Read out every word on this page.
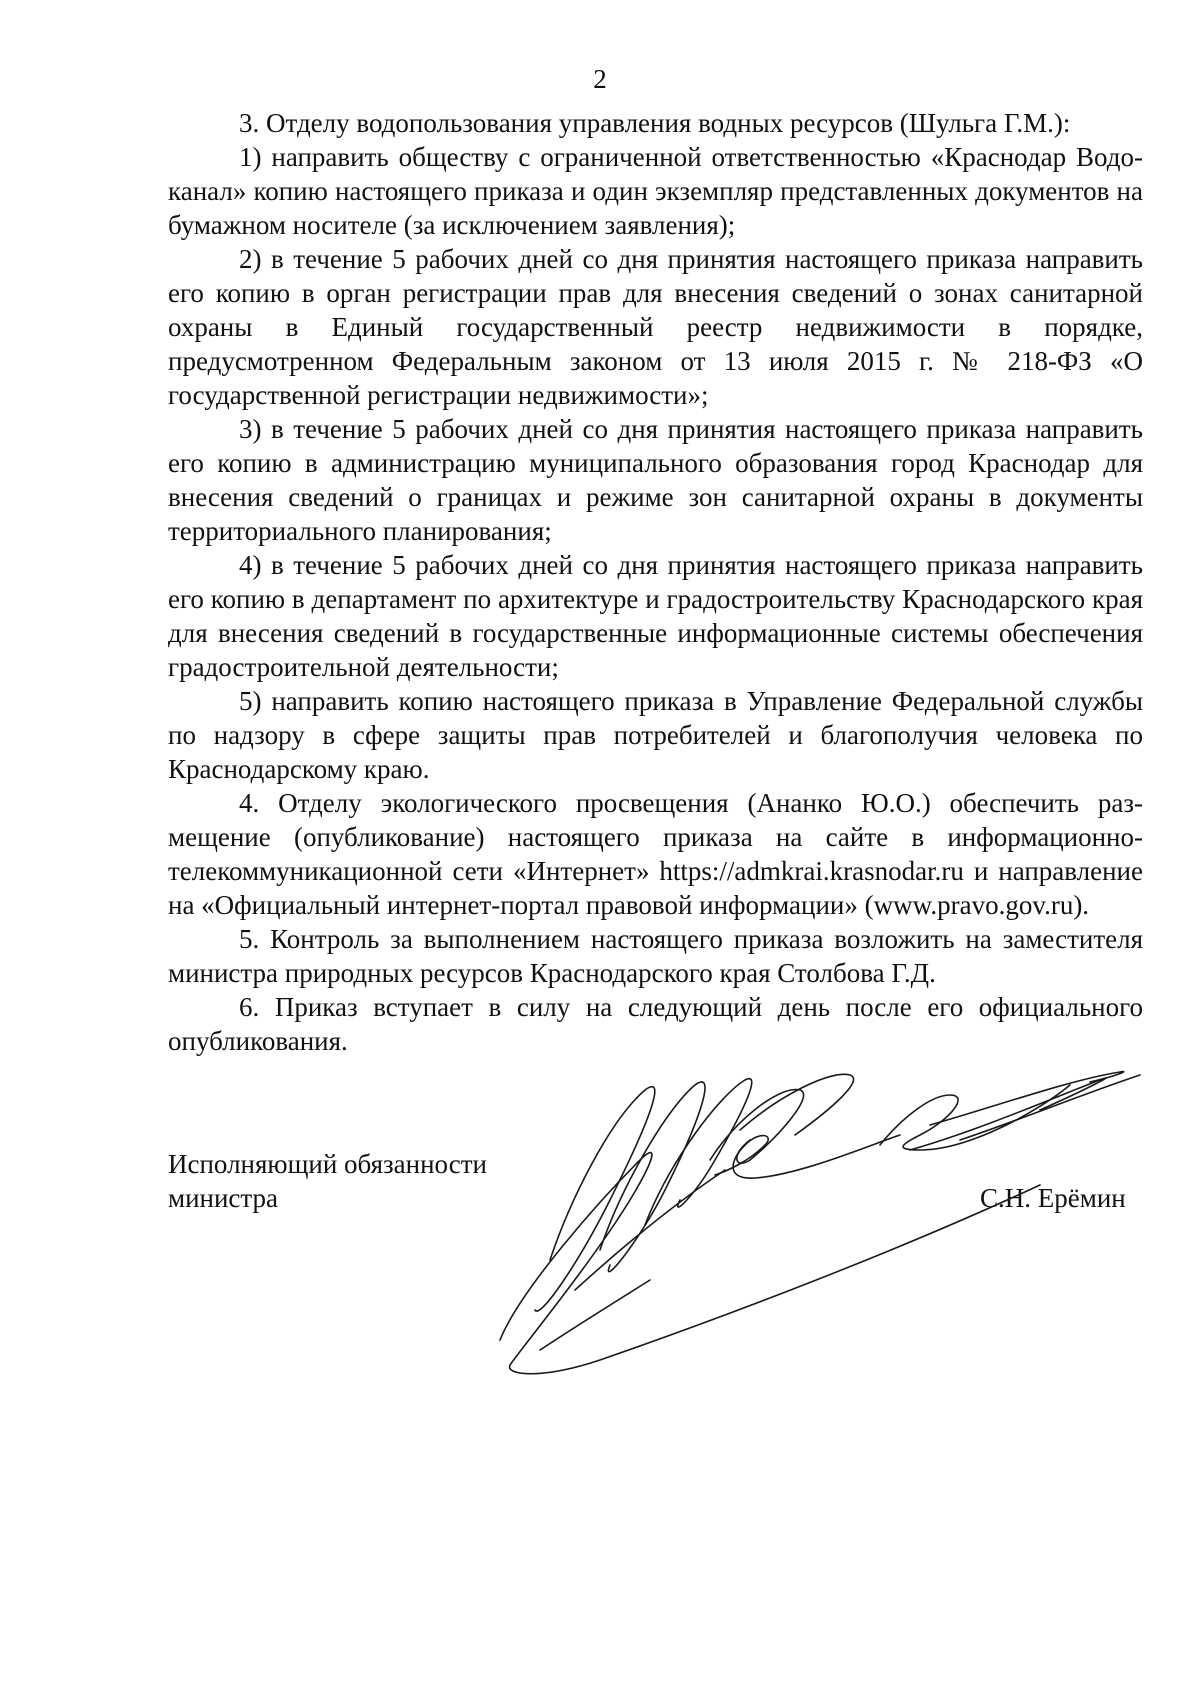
2

3. Отделу водопользования управления водных ресурсов (Шульга Г.М.):

1) направить обществу с ограниченной ответственностью «Краснодар Водоканал» копию настоящего приказа и один экземпляр представленных документов на бумажном носителе (за исключением заявления);

2) в течение 5 рабочих дней со дня принятия настоящего приказа направить его копию в орган регистрации прав для внесения сведений о зонах санитарной охраны в Единый государственный реестр недвижимости в порядке, предусмотренном Федеральным законом от 13 июля 2015 г. № 218-ФЗ «О государственной регистрации недвижимости»;

3) в течение 5 рабочих дней со дня принятия настоящего приказа направить его копию в администрацию муниципального образования город Краснодар для внесения сведений о границах и режиме зон санитарной охраны в документы территориального планирования;

4) в течение 5 рабочих дней со дня принятия настоящего приказа направить его копию в департамент по архитектуре и градостроительству Краснодарского края для внесения сведений в государственные информационные системы обеспечения градостроительной деятельности;

5) направить копию настоящего приказа в Управление Федеральной службы по надзору в сфере защиты прав потребителей и благополучия человека по Краснодарскому краю.

4. Отделу экологического просвещения (Ананко Ю.О.) обеспечить размещение (опубликование) настоящего приказа на сайте в информационно-телекоммуникационной сети «Интернет» https://admkrai.krasnodar.ru и направление на «Официальный интернет-портал правовой информации» (www.pravo.gov.ru).

5. Контроль за выполнением настоящего приказа возложить на заместителя министра природных ресурсов Краснодарского края Столбова Г.Д.

6. Приказ вступает в силу на следующий день после его официального опубликования.

Исполняющий обязанности
министра	С.Н. Ерёмин
